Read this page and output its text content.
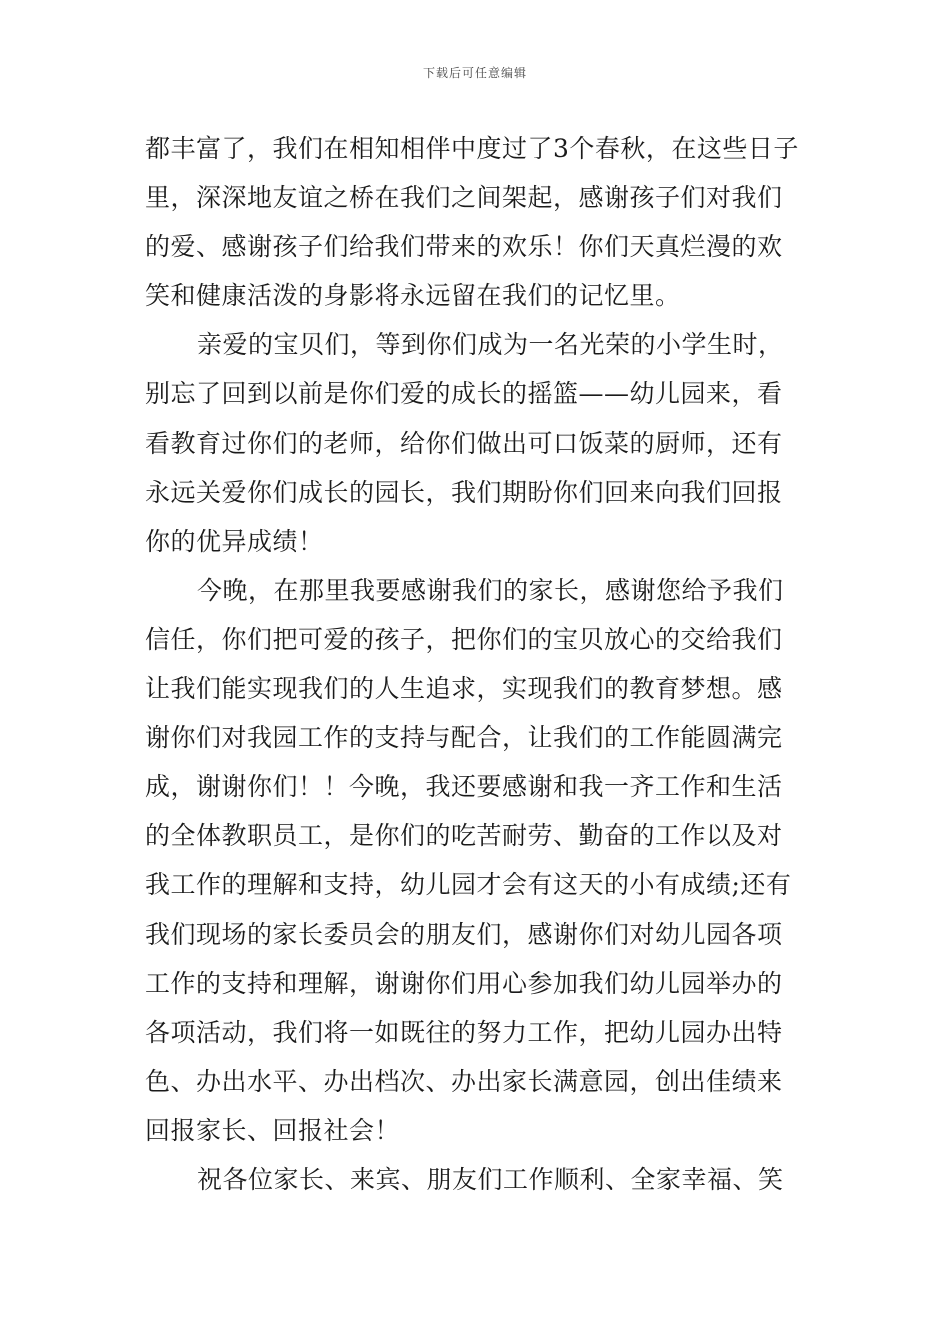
下载后可任意编辑
都丰富了，我们在相知相伴中度过了3个春秋，在这些日子
里，深深地友谊之桥在我们之间架起，感谢孩子们对我们
的爱、感谢孩子们给我们带来的欢乐！你们天真烂漫的欢
笑和健康活泼的身影将永远留在我们的记忆里。
亲爱的宝贝们，等到你们成为一名光荣的小学生时，
别忘了回到以前是你们爱的成长的摇篮——幼儿园来，看
看教育过你们的老师，给你们做出可口饭菜的厨师，还有
永远关爱你们成长的园长，我们期盼你们回来向我们回报
你的优异成绩！
今晚，在那里我要感谢我们的家长，感谢您给予我们
信任，你们把可爱的孩子，把你们的宝贝放心的交给我们
让我们能实现我们的人生追求，实现我们的教育梦想。感
谢你们对我园工作的支持与配合，让我们的工作能圆满完
成，谢谢你们！！今晚，我还要感谢和我一齐工作和生活
的全体教职员工，是你们的吃苦耐劳、勤奋的工作以及对
我工作的理解和支持，幼儿园才会有这天的小有成绩;还有
我们现场的家长委员会的朋友们，感谢你们对幼儿园各项
工作的支持和理解，谢谢你们用心参加我们幼儿园举办的
各项活动，我们将一如既往的努力工作，把幼儿园办出特
色、办出水平、办出档次、办出家长满意园，创出佳绩来
回报家长、回报社会！
祝各位家长、来宾、朋友们工作顺利、全家幸福、笑
